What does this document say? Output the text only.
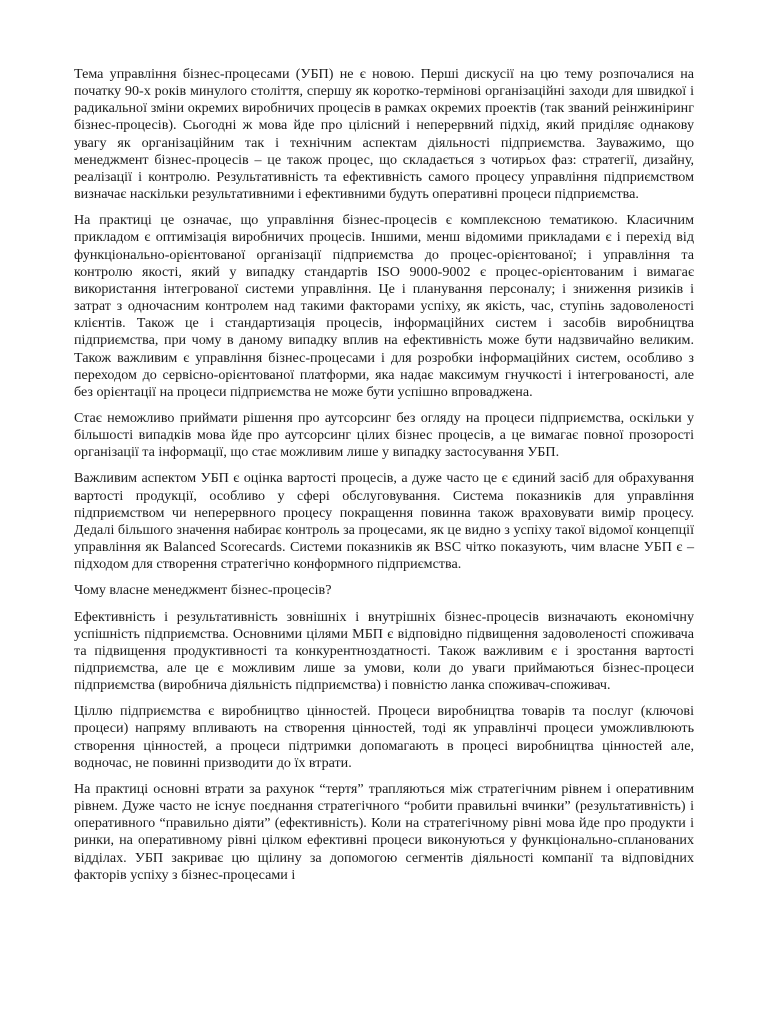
Тема управління бізнес-процесами (УБП) не є новою. Перші дискусії на цю тему розпочалися на початку 90-х років минулого століття, спершу як коротко-термінові організаційні заходи для швидкої і радикальної зміни окремих виробничих процесів в рамках окремих проектів (так званий реінжиніринг бізнес-процесів). Сьогодні ж мова йде про цілісний і неперервний підхід, який приділяє однакову увагу як організаційним так і технічним аспектам діяльності підприємства. Зауважимо, що менеджмент бізнес-процесів – це також процес, що складається з чотирьох фаз: стратегії, дизайну, реалізації і контролю. Результативність та ефективність самого процесу управління підприємством визначає наскільки результативними і ефективними будуть оперативні процеси підприємства.

На практиці це означає, що управління бізнес-процесів є комплексною тематикою. Класичним прикладом є оптимізація виробничих процесів. Іншими, менш відомими прикладами є і перехід від функціонально-орієнтованої організації підприємства до процес-орієнтованої; і управління та контролю якості, який у випадку стандартів ISO 9000-9002 є процес-орієнтованим і вимагає використання інтегрованої системи управління. Це і планування персоналу; і зниження ризиків і затрат з одночасним контролем над такими факторами успіху, як якість, час, ступінь задоволеності клієнтів. Також це і стандартизація процесів, інформаційних систем і засобів виробництва підприємства, при чому в даному випадку вплив на ефективність може бути надзвичайно великим. Також важливим є управління бізнес-процесами і для розробки інформаційних систем, особливо з переходом до сервісно-орієнтованої платформи, яка надає максимум гнучкості і інтегрованості, але без орієнтації на процеси підприємства не може бути успішно впроваджена.

Стає неможливо приймати рішення про аутсорсинг без огляду на процеси підприємства, оскільки у більшості випадків мова йде про аутсорсинг цілих бізнес процесів, а це вимагає повної прозорості організації та інформації, що стає можливим лише у випадку застосування УБП.

Важливим аспектом УБП є оцінка вартості процесів, а дуже часто це є єдиний засіб для обрахування вартості продукції, особливо у сфері обслуговування. Система показників для управління підприємством чи неперервного процесу покращення повинна також враховувати вимір процесу. Дедалі більшого значення набирає контроль за процесами, як це видно з успіху такої відомої концепції управління як Balanced Scorecards. Системи показників як BSC чітко показують, чим власне УБП є – підходом для створення стратегічно конформного підприємства.

Чому власне менеджмент бізнес-процесів?

Ефективність і результативність зовнішніх і внутрішніх бізнес-процесів визначають економічну успішність підприємства. Основними цілями МБП є відповідно підвищення задоволеності споживача та підвищення продуктивності та конкурентноздатності. Також важливим є і зростання вартості підприємства, але це є можливим лише за умови, коли до уваги приймаються бізнес-процеси підприємства (виробнича діяльність підприємства) і повністю ланка споживач-споживач.

Ціллю підприємства є виробництво цінностей. Процеси виробництва товарів та послуг (ключові процеси) напряму впливають на створення цінностей, тоді як управлінчі процеси уможливлюють створення цінностей, а процеси підтримки допомагають в процесі виробництва цінностей але, водночас, не повинні призводити до їх втрати.

На практиці основні втрати за рахунок “тертя” трапляються між стратегічним рівнем і оперативним рівнем. Дуже часто не існує поєднання стратегічного “робити правильні вчинки” (результативність) і оперативного “правильно діяти” (ефективність). Коли на стратегічному рівні мова йде про продукти і ринки, на оперативному рівні цілком ефективні процеси виконуються у функціонально-спланованих відділах. УБП закриває цю щілину за допомогою сегментів діяльності компанії та відповідних факторів успіху з бізнес-процесами і
